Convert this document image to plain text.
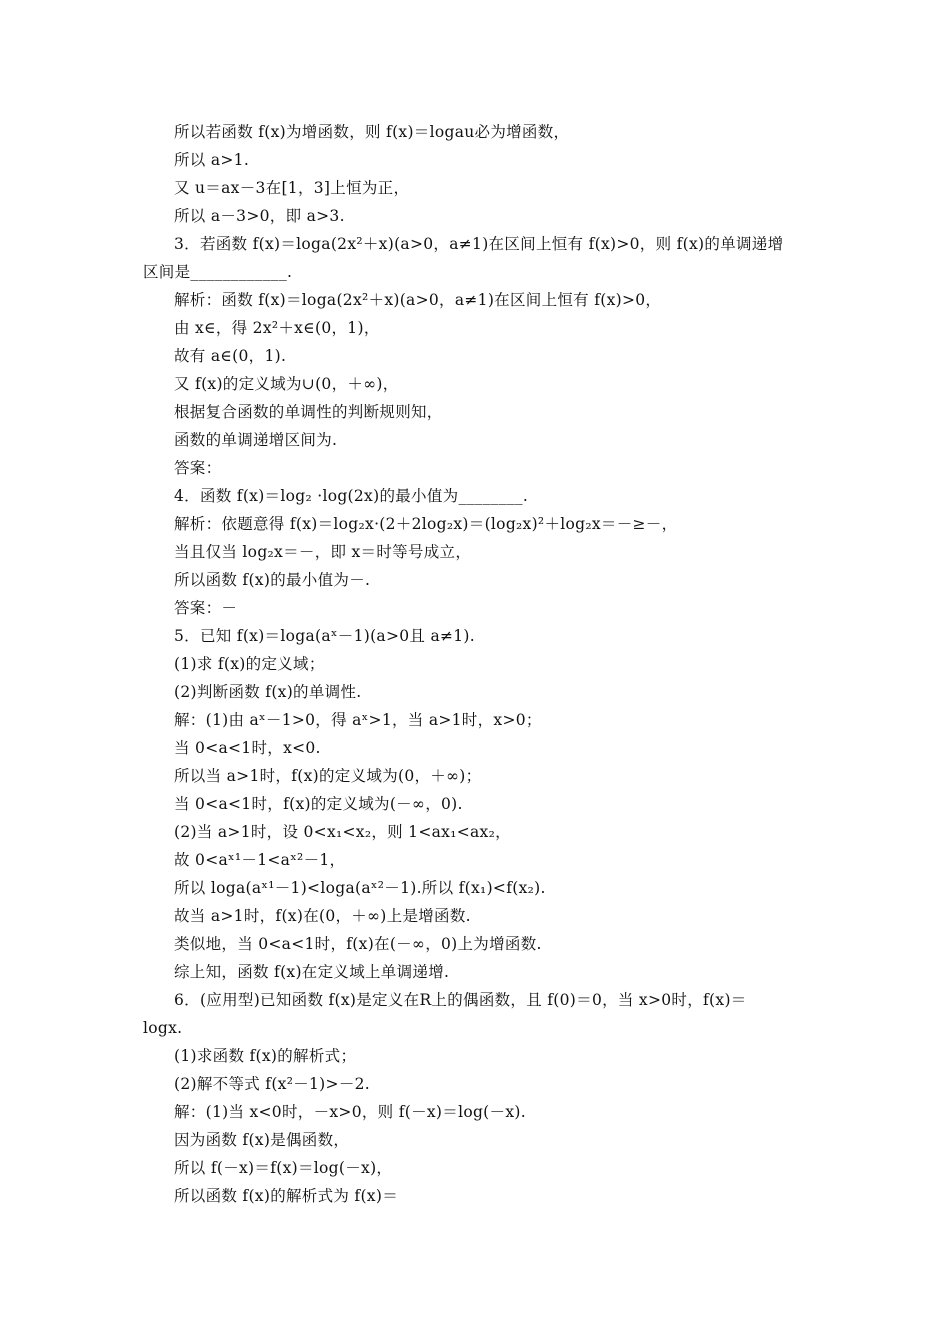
所以若函数 f(x)为增函数，则 f(x)＝logau必为增函数，
所以 a>1.
又 u＝ax－3在[1，3]上恒为正，
所以 a－3>0，即 a>3.
3．若函数 f(x)＝loga(2x²＋x)(a>0，a≠1)在区间上恒有 f(x)>0，则 f(x)的单调递增
区间是____________.
解析：函数 f(x)＝loga(2x²＋x)(a>0，a≠1)在区间上恒有 f(x)>0，
由 x∈，得 2x²＋x∈(0，1)，
故有 a∈(0，1).
又 f(x)的定义域为∪(0，＋∞)，
根据复合函数的单调性的判断规则知，
函数的单调递增区间为.
答案：
4．函数 f(x)＝log₂ ·log(2x)的最小值为________.
解析：依题意得 f(x)＝log₂x·(2＋2log₂x)＝(log₂x)²＋log₂x＝－≥－，
当且仅当 log₂x＝－，即 x＝时等号成立，
所以函数 f(x)的最小值为－.
答案：－
5．已知 f(x)＝loga(aˣ－1)(a>0且 a≠1).
(1)求 f(x)的定义域；
(2)判断函数 f(x)的单调性.
解：(1)由 aˣ－1>0，得 aˣ>1，当 a>1时，x>0；
当 0<a<1时，x<0.
所以当 a>1时，f(x)的定义域为(0，＋∞)；
当 0<a<1时，f(x)的定义域为(－∞，0).
(2)当 a>1时，设 0<x₁<x₂，则 1<ax₁<ax₂，
故 0<aˣ¹－1<aˣ²－1，
所以 loga(aˣ¹－1)<loga(aˣ²－1).所以 f(x₁)<f(x₂).
故当 a>1时，f(x)在(0，＋∞)上是增函数.
类似地，当 0<a<1时，f(x)在(－∞，0)上为增函数.
综上知，函数 f(x)在定义域上单调递增.
6．(应用型)已知函数 f(x)是定义在R上的偶函数，且 f(0)＝0，当 x>0时，f(x)＝
logx.
(1)求函数 f(x)的解析式；
(2)解不等式 f(x²－1)>－2.
解：(1)当 x<0时，－x>0，则 f(－x)＝log(－x).
因为函数 f(x)是偶函数，
所以 f(－x)＝f(x)＝log(－x)，
所以函数 f(x)的解析式为 f(x)＝
